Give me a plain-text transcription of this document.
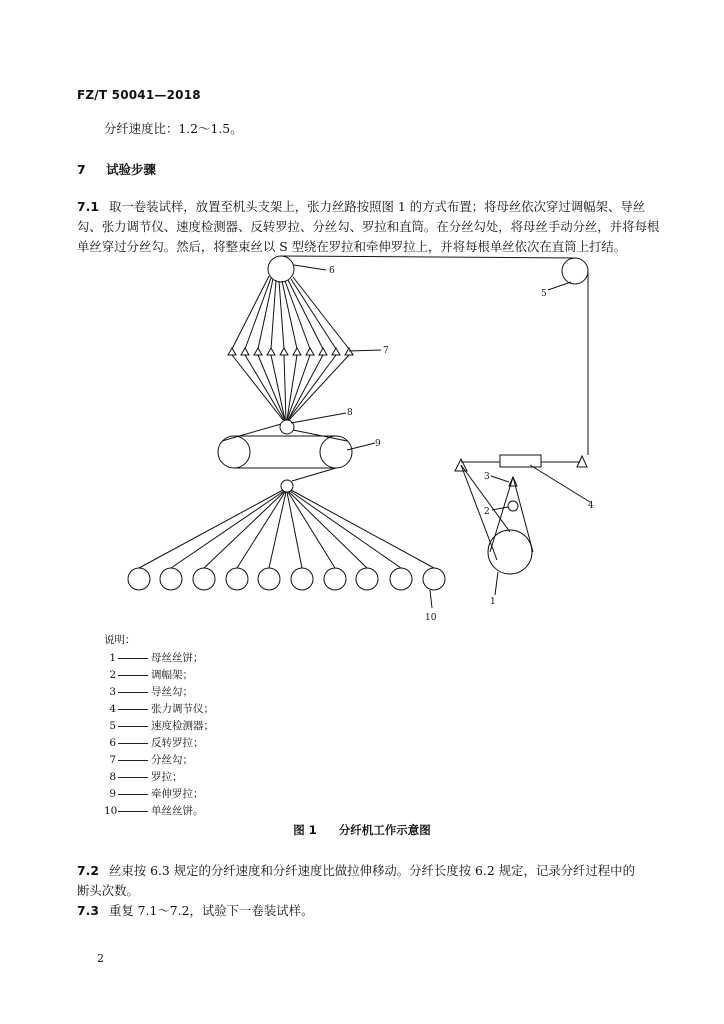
FZ/T 50041—2018
分纤速度比：1.2～1.5。
7 试验步骤
7.1 取一卷装试样，放置至机头支架上，张力丝路按照图 1 的方式布置；将母丝依次穿过调幅架、导丝
勾、张力调节仪、速度检测器、反转罗拉、分丝勾、罗拉和直筒。在分丝勾处，将母丝手动分丝，并将每根
单丝穿过分丝勾。然后，将整束丝以 S 型绕在罗拉和牵伸罗拉上，并将每根单丝依次在直筒上打结。
6
7
8
9
10
4
5
3
2
1
说明：
1	母丝丝饼；
2	调幅架；
3	导丝勾；
4	张力调节仪；
5	速度检测器；
6	反转罗拉；
7	分丝勾；
8	罗拉；
9	牵伸罗拉；
10	单丝丝饼。
图 1 分纤机工作示意图
7.2 丝束按 6.3 规定的分纤速度和分纤速度比做拉伸移动。分纤长度按 6.2 规定，记录分纤过程中的
断头次数。
7.3 重复 7.1～7.2，试验下一卷装试样。
2
